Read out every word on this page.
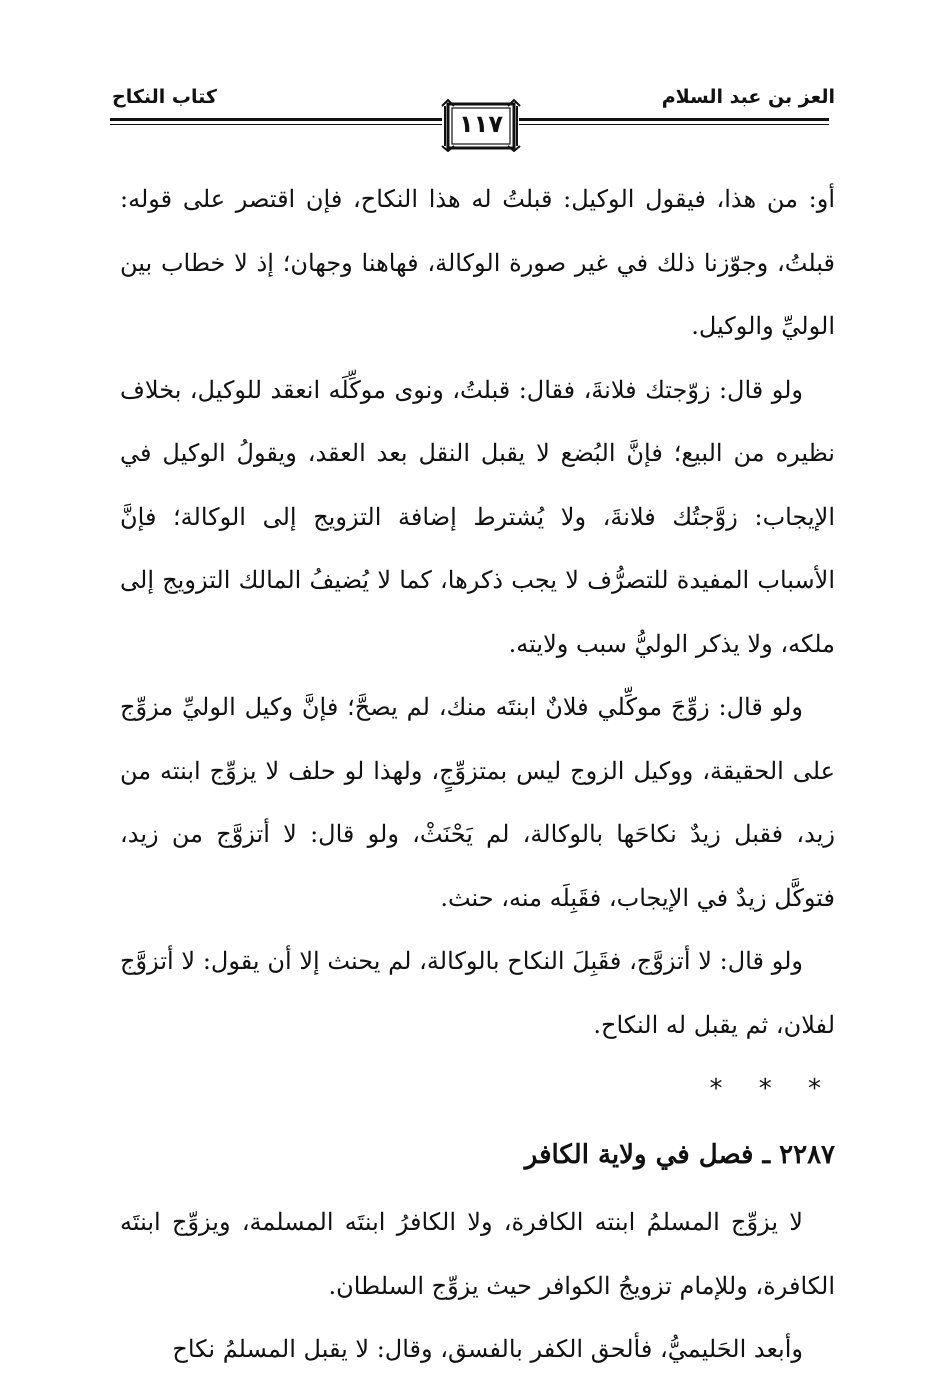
العز بن عبد السلام
كتاب النكاح
١١٧

أو: من هذا، فيقول الوكيل: قبلتُ له هذا النكاح، فإن اقتصر على قوله: قبلتُ، وجوّزنا ذلك في غير صورة الوكالة، فهاهنا وجهان؛ إذ لا خطاب بين الوليِّ والوكيل.

ولو قال: زوّجتك فلانةَ، فقال: قبلتُ، ونوى موكِّلَه انعقد للوكيل، بخلاف نظيره من البيع؛ فإنَّ البُضع لا يقبل النقل بعد العقد، ويقولُ الوكيل في الإيجاب: زوَّجتُك فلانةَ، ولا يُشترط إضافة التزويج إلى الوكالة؛ فإنَّ الأسباب المفيدة للتصرُّف لا يجب ذكرها، كما لا يُضيفُ المالك التزويج إلى ملكه، ولا يذكر الوليُّ سبب ولايته.

ولو قال: زوِّجَ موكِّلي فلانٌ ابنتَه منك، لم يصحَّ؛ فإنَّ وكيل الوليِّ مزوِّج على الحقيقة، ووكيل الزوج ليس بمتزوِّجٍ، ولهذا لو حلف لا يزوِّج ابنته من زيد، فقبل زيدٌ نكاحَها بالوكالة، لم يَحْنَثْ، ولو قال: لا أتزوَّج من زيد، فتوكَّل زيدٌ في الإيجاب، فقَبِلَه منه، حنث.

ولو قال: لا أتزوَّج، فقَبِلَ النكاح بالوكالة، لم يحنث إلا أن يقول: لا أتزوَّج لفلان، ثم يقبل له النكاح.

* * *
٢٢٨٧ ـ فصل في ولاية الكافر

لا يزوِّج المسلمُ ابنته الكافرة، ولا الكافرُ ابنتَه المسلمة، ويزوِّج ابنتَه الكافرة، وللإمام تزويجُ الكوافر حيث يزوِّج السلطان.

وأبعد الحَليميُّ، فألحق الكفر بالفسق، وقال: لا يقبل المسلمُ نكاح
